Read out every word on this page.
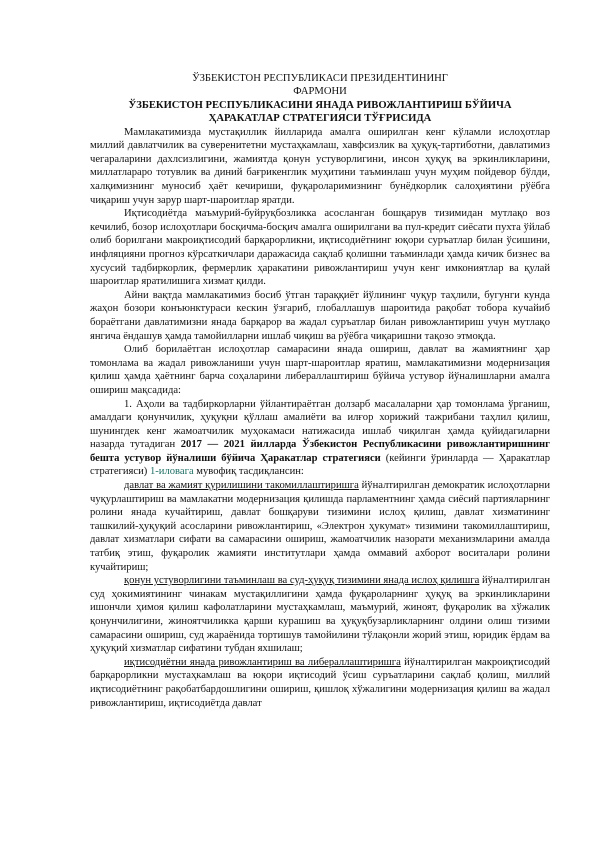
ЎЗБЕКИСТОН РЕСПУБЛИКАСИ ПРЕЗИДЕНТИНИНГ

ФАРМОНИ

ЎЗБЕКИСТОН РЕСПУБЛИКАСИНИ ЯНАДА РИВОЖЛАНТИРИШ БЎЙИЧА

ҲАРАКАТЛАР СТРАТЕГИЯСИ ТЎҒРИСИДА

Мамлакатимизда мустақиллик йилларида амалга оширилган кенг кўламли ислоҳотлар миллий давлатчилик ва суверенитетни мустаҳкамлаш, хавфсизлик ва ҳуқуқ-тартиботни, давлатимиз чегараларини дахлсизлигини, жамиятда қонун устуворлигини, инсон ҳуқуқ ва эркинликларини, миллатлараро тотувлик ва диний бағрикенглик муҳитини таъминлаш учун муҳим пойдевор бўлди, халқимизнинг муносиб ҳаёт кечириши, фуқароларимизнинг бунёдкорлик салоҳиятини рўёбга чиқариш учун зарур шарт-шароитлар яратди.

Иқтисодиётда маъмурий-буйруқбозликка асосланган бошқарув тизимидан мутлақо воз кечилиб, бозор ислоҳотлари босқичма-босқич амалга оширилгани ва пул-кредит сиёсати пухта ўйлаб олиб борилгани макроиқтисодий барқарорликни, иқтисодиётнинг юқори суръатлар билан ўсишини, инфляцияни прогноз кўрсаткичлари даражасида сақлаб қолишни таъминлади ҳамда кичик бизнес ва хусусий тадбиркорлик, фермерлик ҳаракатини ривожлантириш учун кенг имкониятлар ва қулай шароитлар яратилишига хизмат қилди.

Айни вақтда мамлакатимиз босиб ўтган тараққиёт йўлининг чуқур таҳлили, бугунги кунда жаҳон бозори конъюнктураси кескин ўзгариб, глобаллашув шароитида рақобат тобора кучайиб бораётгани давлатимизни янада барқарор ва жадал суръатлар билан ривожлантириш учун мутлақо янгича ёндашув ҳамда тамойилларни ишлаб чиқиш ва рўёбга чиқаришни тақозо этмоқда.

Олиб борилаётган ислоҳотлар самарасини янада ошириш, давлат ва жамиятнинг ҳар томонлама ва жадал ривожланиши учун шарт-шароитлар яратиш, мамлакатимизни модернизация қилиш ҳамда ҳаётнинг барча соҳаларини либераллаштириш бўйича устувор йўналишларни амалга ошириш мақсадида:

1. Аҳоли ва тадбиркорларни ўйлантираётган долзарб масалаларни ҳар томонлама ўрганиш, амалдаги қонунчилик, ҳуқуқни қўллаш амалиёти ва илғор хорижий тажрибани таҳлил қилиш, шунингдек кенг жамоатчилик муҳокамаси натижасида ишлаб чиқилган ҳамда қуйидагиларни назарда тутадиган 2017 — 2021 йилларда Ўзбекистон Республикасини ривожлантиришнинг бешта устувор йўналиши бўйича Ҳаракатлар стратегияси (кейинги ўринларда — Ҳаракатлар стратегияси) 1-иловага мувофиқ тасдиқлансин:

давлат ва жамият қурилишини такомиллаштиришга йўналтирилган демократик ислоҳотларни чуқурлаштириш ва мамлакатни модернизация қилишда парламентнинг ҳамда сиёсий партияларнинг ролини янада кучайтириш, давлат бошқаруви тизимини ислоҳ қилиш, давлат хизматининг ташкилий-ҳуқуқий асосларини ривожлантириш, «Электрон ҳукумат» тизимини такомиллаштириш, давлат хизматлари сифати ва самарасини ошириш, жамоатчилик назорати механизмларини амалда татбиқ этиш, фуқаролик жамияти институтлари ҳамда оммавий ахборот воситалари ролини кучайтириш;

қонун устуворлигини таъминлаш ва суд-ҳуқуқ тизимини янада ислоҳ қилишга йўналтирилган суд ҳокимиятининг чинакам мустақиллигини ҳамда фуқароларнинг ҳуқуқ ва эркинликларини ишончли ҳимоя қилиш кафолатларини мустаҳкамлаш, маъмурий, жиноят, фуқаролик ва хўжалик қонунчилигини, жиноятчиликка қарши курашиш ва ҳуқуқбузарликларнинг олдини олиш тизими самарасини ошириш, суд жараёнида тортишув тамойилини тўлақонли жорий этиш, юридик ёрдам ва ҳуқуқий хизматлар сифатини тубдан яхшилаш;

иқтисодиётни янада ривожлантириш ва либераллаштиришга йўналтирилган макроиқтисодий барқарорликни мустаҳкамлаш ва юқори иқтисодий ўсиш суръатларини сақлаб қолиш, миллий иқтисодиётнинг рақобатбардошлигини ошириш, қишлоқ хўжалигини модернизация қилиш ва жадал ривожлантириш, иқтисодиётда давлат
